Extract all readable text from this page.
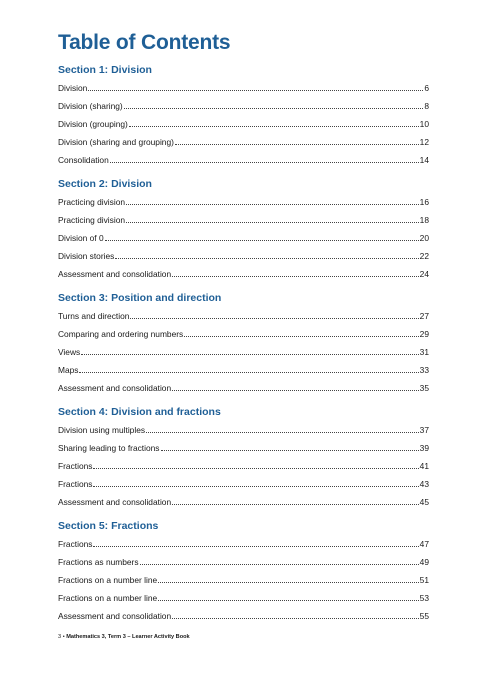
Table of Contents
Section 1: Division
Division	6
Division (sharing)	8
Division (grouping)	10
Division (sharing and grouping)	12
Consolidation	14
Section 2: Division
Practicing division	16
Practicing division	18
Division of 0	20
Division stories	22
Assessment and consolidation	24
Section 3: Position and direction
Turns and direction	27
Comparing and ordering numbers	29
Views	31
Maps	33
Assessment and consolidation	35
Section 4: Division and fractions
Division using multiples	37
Sharing leading to fractions	39
Fractions	41
Fractions	43
Assessment and consolidation	45
Section 5: Fractions
Fractions	47
Fractions as numbers	49
Fractions on a number line	51
Fractions on a number line	53
Assessment and consolidation	55
3 • Mathematics 3, Term 3 – Learner Activity Book
